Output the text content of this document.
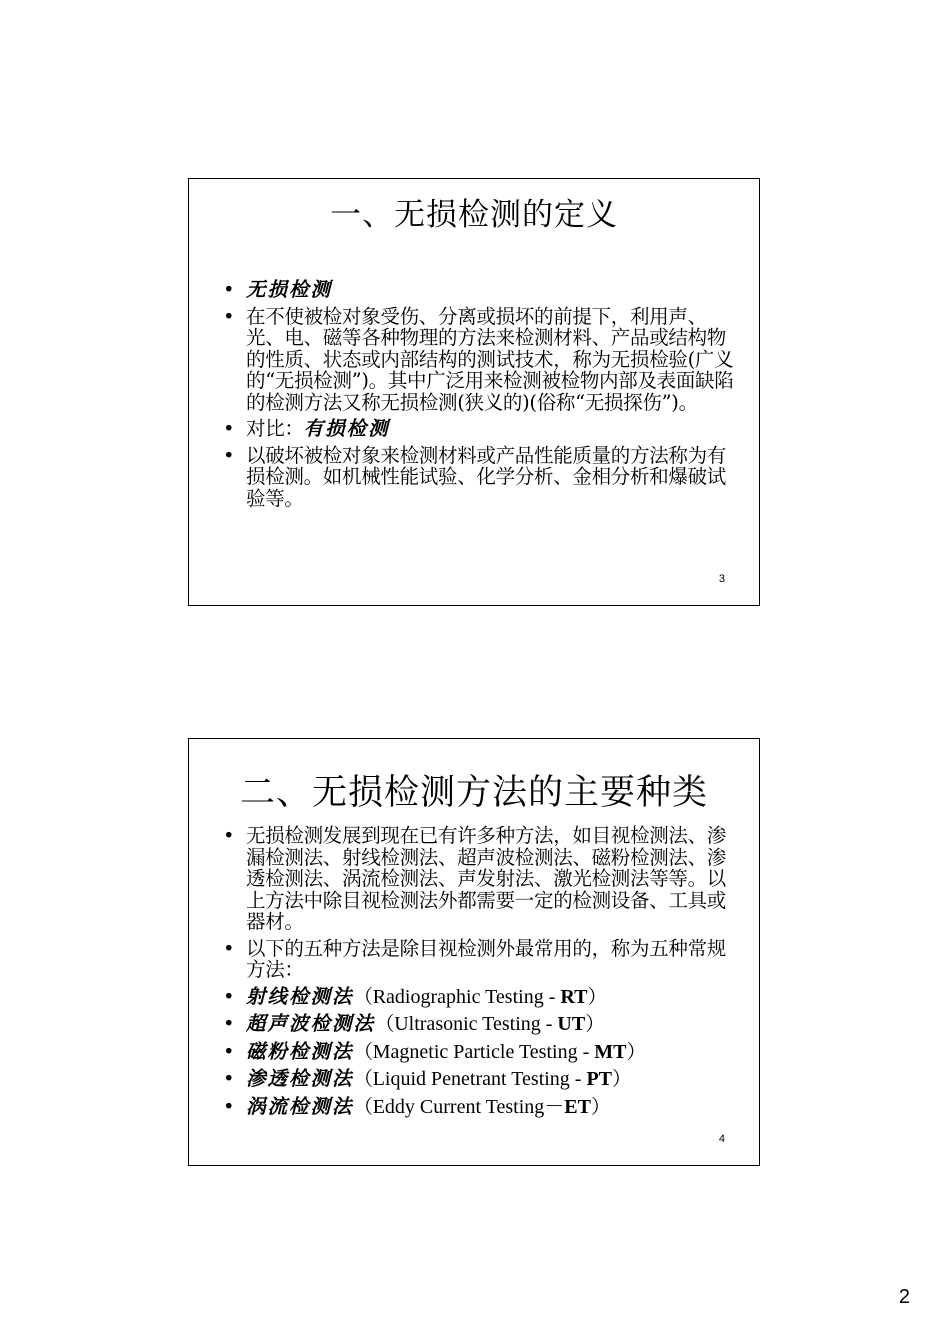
一、无损检测的定义
• 无损检测
• 在不使被检对象受伤、分离或损坏的前提下，利用声、光、电、磁等各种物理的方法来检测材料、产品或结构物的性质、状态或内部结构的测试技术，称为无损检验(广义的“无损检测”)。其中广泛用来检测被检物内部及表面缺陷的检测方法又称无损检测(狭义的)(俗称“无损探伤”)。
• 对比：有损检测
• 以破坏被检对象来检测材料或产品性能质量的方法称为有损检测。如机械性能试验、化学分析、金相分析和爆破试验等。
3
二、无损检测方法的主要种类
• 无损检测发展到现在已有许多种方法，如目视检测法、渗漏检测法、射线检测法、超声波检测法、磁粉检测法、渗透检测法、涡流检测法、声发射法、激光检测法等等。以上方法中除目视检测法外都需要一定的检测设备、工具或器材。
• 以下的五种方法是除目视检测外最常用的，称为五种常规方法：
• 射线检测法（Radiographic Testing - RT）
• 超声波检测法（Ultrasonic Testing - UT）
• 磁粉检测法（Magnetic Particle Testing - MT）
• 渗透检测法（Liquid Penetrant Testing - PT）
• 涡流检测法（Eddy Current Testing－ET）
4
2
